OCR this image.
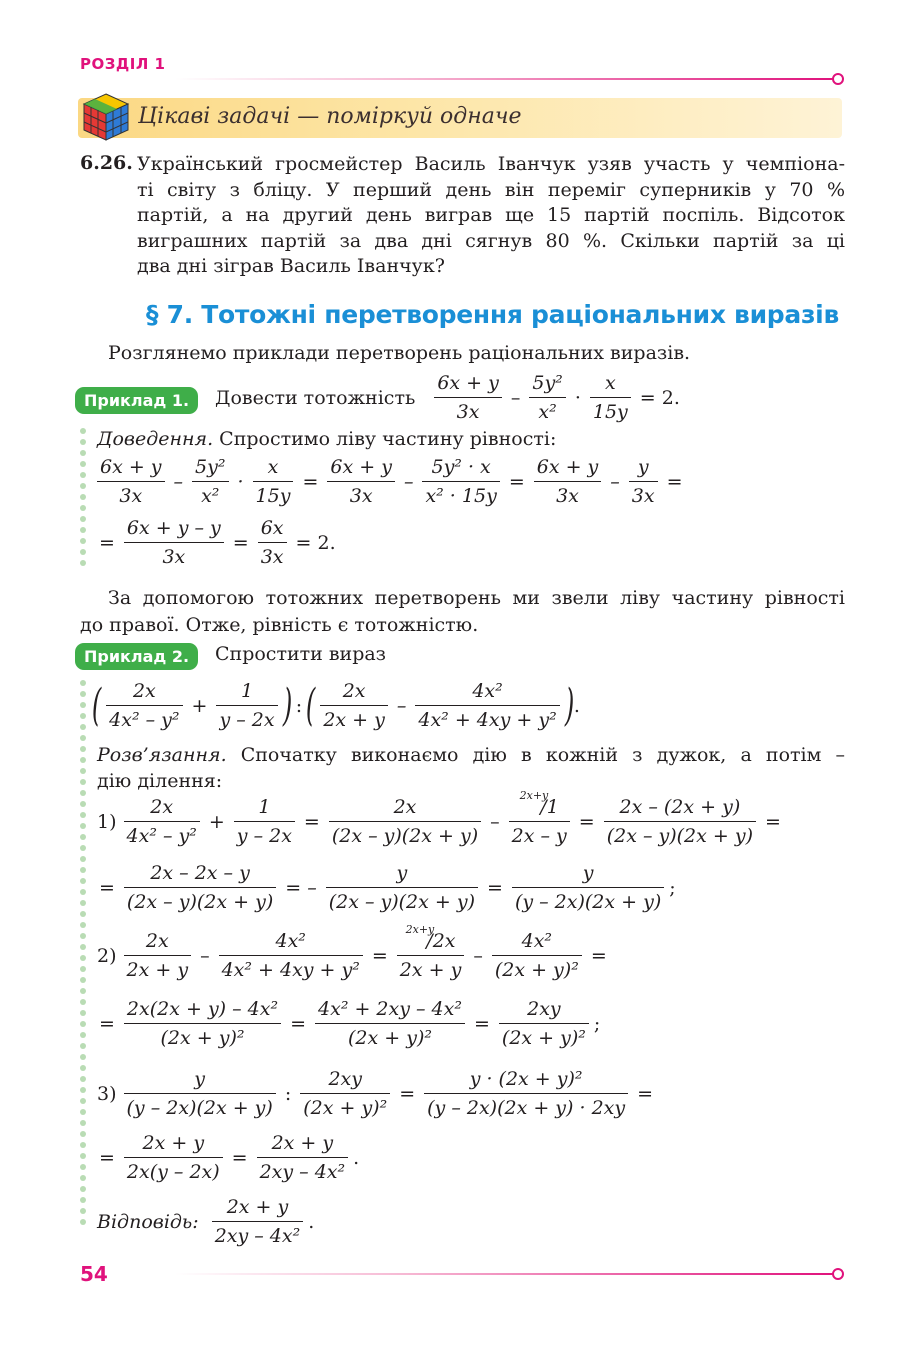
РОЗДІЛ 1
Цікаві задачі — поміркуй одначе
6.26. Український гросмейстер Василь Іванчук узяв участь у чемпіона-
ті світу з бліцу. У перший день він переміг суперників у 70 %
партій, а на другий день виграв ще 15 партій поспіль. Відсоток
виграшних партій за два дні сягнув 80 %. Скільки партій за ці
два дні зіграв Василь Іванчук?
§ 7. Тотожні перетворення раціональних виразів
Розглянемо приклади перетворень раціональних виразів.
Приклад 1.	Довести тотожність
6x + y
3x
–
5y²
x²
· $\frac{x}{15y} = 2$.
Доведення. Спростимо ліву частину рівності:
6x + y
3x
–
5y²
x²
· $\frac{x}{15y} = \frac{6x + y}{3x} - \frac{\text{5y² · x}}{\text{x² · 15y}} = \frac{6x + y}{3x} - \frac{y}{3x}$ =
= $\frac{6x + y - y}{3x} = \frac{6x}{3x} = 2$.
За допомогою тотожних перетворень ми звели ліву частину рівності
до правої. Отже, рівність є тотожністю.
Приклад 2.	Спростити вираз
(	2x
4x² – y²
+ $\frac{1}{y - 2x}$ ) : (	2x
2x + y
–
4x²
4x² + 4xy + y² ) .
Розв’язання. Спочатку виконаємо дію в кожній з дужок, а потім –
дію ділення:
1)
2x
4x² – y²
+ $\frac{1}{y - 2x} = \frac{2x}{(2x - y)(2x + y)} - \frac{^{2x+y}/1}{2x - y} = \frac{2x - (2x + y)}{(2x - y)(2x + y)}$ =
= $\frac{2x - 2x - y}{(2x - y)(2x + y)}$ = – $\frac{y}{(2x - y)(2x + y)} = \frac{y}{(y - 2x)(2x + y)}$ ;
2)
2x
2x + y
– $\frac{\text{4x²}}{\text{4x² + 4xy + y²}} = \frac{^{2x+y}/2x}{2x + y} - \frac{\text{4x²}}{\text{(2x + y)²}}$ =
= $\frac{\text{2x(2x + y) – 4x²}}{\text{(2x + y)²}} = \frac{\text{4x² + 2xy – 4x²}}{\text{(2x + y)²}} = \frac{2xy}{\text{(2x + y)²}}$ ;
3)
y
(y – 2x)(2x + y)
: $\frac{2xy}{\text{(2x + y)²}} = \frac{\text{y · (2x + y)²}}{(y - 2x)(2x + y) \cdot 2xy}$ =
= $\frac{2x + y}{2x(y - 2x)} = \frac{2x + y}{\text{2xy – 4x²}}$ .
Відповідь:
2x + y
2xy – 4x²
.
54
